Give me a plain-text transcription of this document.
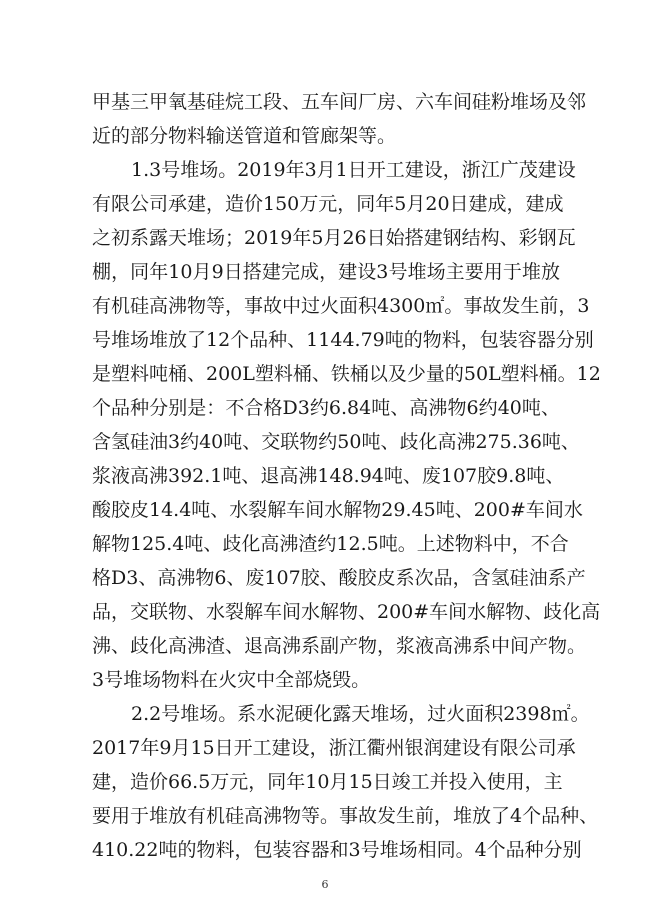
甲基三甲氧基硅烷工段、五车间厂房、六车间硅粉堆场及邻
近的部分物料输送管道和管廊架等。
1.3号堆场。2019年3月1日开工建设，浙江广茂建设
有限公司承建，造价150万元，同年5月20日建成，建成
之初系露天堆场；2019年5月26日始搭建钢结构、彩钢瓦
棚，同年10月9日搭建完成，建设3号堆场主要用于堆放
有机硅高沸物等，事故中过火面积4300㎡。事故发生前，3
号堆场堆放了12个品种、1144.79吨的物料，包装容器分别
是塑料吨桶、200L塑料桶、铁桶以及少量的50L塑料桶。12
个品种分别是：不合格D3约6.84吨、高沸物6约40吨、
含氢硅油3约40吨、交联物约50吨、歧化高沸275.36吨、
浆液高沸392.1吨、退高沸148.94吨、废107胶9.8吨、
酸胶皮14.4吨、水裂解车间水解物29.45吨、200#车间水
解物125.4吨、歧化高沸渣约12.5吨。上述物料中，不合
格D3、高沸物6、废107胶、酸胶皮系次品，含氢硅油系产
品，交联物、水裂解车间水解物、200#车间水解物、歧化高
沸、歧化高沸渣、退高沸系副产物，浆液高沸系中间产物。
3号堆场物料在火灾中全部烧毁。
2.2号堆场。系水泥硬化露天堆场，过火面积2398㎡。
2017年9月15日开工建设，浙江衢州银润建设有限公司承
建，造价66.5万元，同年10月15日竣工并投入使用，主
要用于堆放有机硅高沸物等。事故发生前，堆放了4个品种、
410.22吨的物料，包装容器和3号堆场相同。4个品种分别
6
